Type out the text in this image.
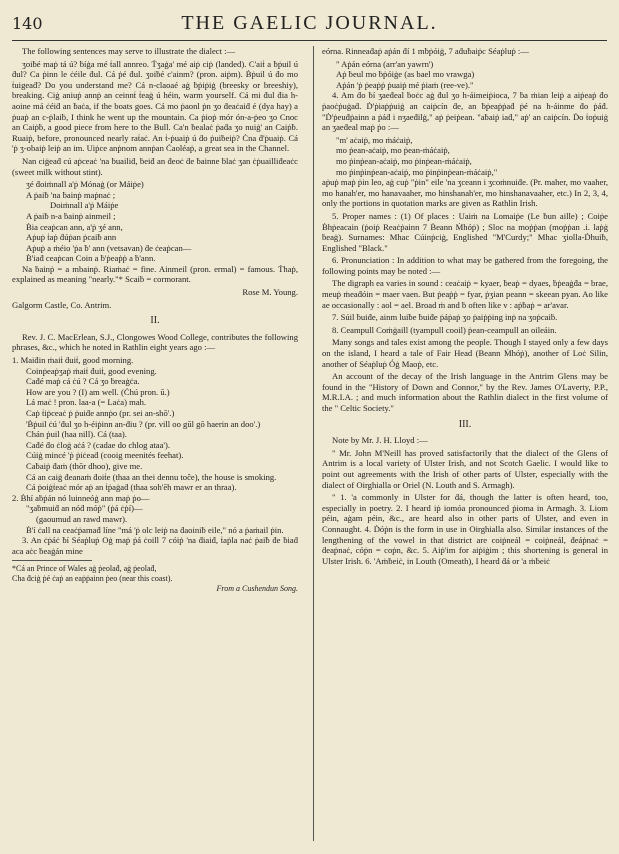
140	THE GAELIC JOURNAL.

The following sentences may serve to illustrate the dialect :—

ʒoiḃé maṗ tá ú? ḃíġa mé ṫall annreo. Ṫʒaġa' mé aiṗ ciṗ (landed). C'aiṫ a ḃṗuil ú ḋul? Ca ṗinn le ċéile ḋul. Cá ṗé ḋul. ʒoiḃé c'ainm? (pron. aiṗm). Ḃṗuil ú ḋo mo ṫuigeaḋ? Do you understand me? Cá n-claoaé aġ ḃṗiṗiġ (breesky or breeshiy), breaking. Ciġ aniuṗ annṗ an ceinnṫ ṫeaġ ú héin, warm yourself. Cá mi ḋul ḋia h-aoine má ċéiḋ an ḃaċa, if the boats goes. Cá mo ṗaonl ṗn ʒo ḋeaċaiḋ é (dya hay) a ṗuaṗ an c-ṗlaiḃ, I think he went up the mountain. Ca ṗioṗ mór ón-a-ṗeo ʒo Cnoc an Caiṗḃ, a good piece from here to the Bull. Ca'n ḃealaċ ṗaḋa ʒo nuiġ' an Caiṗḃ. Ruaiṗ, before, pronounced nearly raṫaċ. An ṫ-ṗuaiṗ ú ḋo ṗuiḃeiṗ? Ċna ḋ'ṗuaiṗ. Cá 'ṗ ʒ-obaiṗ leiṗ an im. Uiṗce anṗnom annṗan Ċaoléaṗ, a great sea in the Channel.

Nan ciġeaḋ cú aṗceaċ 'na ḃuailiḋ, ḃeiḋ an ḋeoċ ḋe ḃainne ḃlaċ ʒan ċṗuailliḋeaċc (sweet milk without stint).

ʒé ḋoiṁnall a'ṗ Mónaġ (or Máiṗe)
A ṗaiḃ 'na ḃainṗ maṗnaċ ;
Doiṁnall a'ṗ Máiṗe
A ṗaiḃ n-a ḃainṗ ainmeil ;
Ḃia ceaṗcan ann, a'ṗ ʒé ann,
Aṗuṗ ṫaṗ ḋúṗan ṗcaiḃ ann
Aṗuṗ a ṁéio 'ṗa ḃ' ann (vetsavan) ḋe ċeaṗcan—
Ḃ'iaḋ ceaṗcan Coin a ḃ'ṗeaṗṗ a ḃ'ann.

Na ḃainṗ = a mbainṗ. Riaṁaċ = fine. Ainmeil (pron. ermal) = famous. Ṫhaṗ, explained as meaning "nearly."* Scaiḃ = cormorant.

Rose M. Young.

Galgorm Castle, Co. Antrim.

II.

Rev. J. C. MacErlean, S.J., Clongowes Wood College, contributes the following phrases, &c., which he noted in Rathlin eight years ago :—

1. Maiḋin ṁaiṫ ḋuiṫ, good morning.
Coinṗeaṗʒaṗ ṁaiṫ ḋuiṫ, good evening.
Caḋé maṗ cá ċú ? Cá ʒo ḃreaġċa.
How are you ? (I) am well. (Ċhú pron. ū.)
Lá maċ ! pron. laa-a (= Laċa) mah.
Caṗ ṫiṗceaċ ṗ ṗuiḋe annṗo (pr. sei an-shō'.)
'Ḃṗuil ċú 'ḋul ʒo h-éiṗinn an-ḋiu ? (pr. vill oo gūl gō haerin an doo'.)
Chán ṗuil (haa nill). Cá (taa).
Caḋé ḋo ċloġ aċá ? (cadae do chlog ataa').
Cúiġ mincé 'ṗ ṗiċeaḋ (cooig meenités feehat).
Caḃaiṗ ḋaṁ (thōr dhoo), give me.
Cá an caiġ ḋeanaṁ ḋoiṫe (thaa an thei dennu toĉe), the house is smoking.
Cá ṗoiġṫeaċ mór aṗ an ṫṗaġaḋ (thaa soh'ēh mawr er an thraa).
2. Ḃhí aḃṗán nó luinneóġ ann maṗ ṗo—
"ʒaḃmuiḋ an nóḋ móṗ" (ṗá ċṗí)—
(gaoumud an rawd mawr).
Ḃ'í ċall na ceaċṗamaḋ líne "má 'ṗ olc leiṗ na ḋaoiniḃ eile," nó a ṗaṁail ṗin.

3. An ċṗáċ ḃí Séaṗluṗ Oġ maṗ ṗá ċoill 7 cóiṗ 'na ḋiaiḋ, ṫaṗla naċ ṗaiḃ ḋe ḃiaḋ aca aċc ḃeaġán mine

*Cá an Prince of Wales aġ ṗeolaḋ, aġ ṗeolaḋ,
Cha ḋciġ ṗé ċaṗ an eaṗṗainn ṗeo (near this coast).
From a Cushendun Song.

eórna. Rinneaḋaṗ aṗán ḋí 1 mḃṗóiġ, 7 aḋuḃaiṗc Séaṗluṗ :—

" Aṗán eórna (arr'an yawrn')
Aṗ ḃeul mo ḃṗóiġe (as bael mo vrawga)
Aṗán 'ṗ ṗeaṗṗ ṗuaiṗ mé ṗiaṁ (ree-ve)."

4. Am ḋo ḃí ʒaeḋeal ḃoċc aġ ḋul ʒo h-áimeiṗioca, 7 ḃa ṁian leiṗ a aiṗeaṗ ḋo ṗaoċṗuġaḋ. Ḋ'ṗiaṗṗuiġ an caiṗcín ḋe, an ḃṗeaṗṗaḋ ṗé na h-áinme ḋo ṗáḋ. "Ḋ'ṗeuḋṗainn a ṗáḋ i nʒaeḋilġ," aṗ ṗeiṗean. "aḃaiṗ iaḋ," aṗ' an caiṗcín. Ḋo ṫoṗuiġ an ʒaeḋeal maṗ ṗo :—

"m' aċaiṗ, mo ṁáċaiṗ,
mo ṗean-aċaiṗ, mo ṗean-ṁáċaiṗ,
mo ṗinṗean-aċaiṗ, mo ṗinṗean-ṁáċaiṗ,
mo ṗinṗinṗean-aċaiṗ, mo ṗinṗinṗean-ṁáċaiṗ,"

aṗuṗ maṗ ṗin leo, aġ cuṗ "ṗin" eile 'na ʒceann i ʒcoṁnuiḋe. (Pr. maher, mo vaaher, mo hanah'er, mo hanavaaher, mo hinshanah'er, mo hinshanavaaher, etc.) In 2, 3, 4, only the portions in quotation marks are given as Rathlin Irish.

5. Proper names : (1) Of places : Uaiṁ na Lomaiṗe (Le ḃun aille) ; Coiṗe Ḃhṗeacain (ṗoiṗ Reaċṗainn 7 Ḃeann Ṁhóṗ) ; Sloc na moṗṗan (moṗṗan .i. laṗġ ḃeaġ). Surnames: Mhac Cúinṗciġ, Englished "M'Curdy;" Mhac ʒiolla-Ḋhuiḃ, Englished "Black."

6. Pronunciation : In addition to what may be gathered from the foregoing, the following points may be noted :—

The digraph ea varies in sound : ceaċaiṗ = kyaer, ḃeaṗ = dyaes, ḃṗeaġḋa = brae, meuṗ ṁeaḋóin = maer vaen. But ṗeaṗṗ = fyar, ṗʒian peann = skeean pyan. Ao like ae occasionally : aol = ael. Broad ṁ and ḃ often like v : aṗḃaṗ = ar'avar.

7. Súil ḃuiḋe, ainm luiḃe ḃuiḋe ṗáṗaṗ ʒo ṗaiṗṗing inṗ na ʒoṗcaiḃ.

8. Ceampull Coṁġaill (tyampull cooil) ṗean-ceampull an oileáin.

Many songs and tales exist among the people. Though I stayed only a few days on the island, I heard a tale of Fair Head (Beann Ṁhóṗ), another of Loċ Silin, another of Séaṗluṗ Óġ Maoṗ, etc.

An account of the decay of the Irish language in the Antrim Glens may be found in the "History of Down and Connor," by the Rev. James O'Laverty, P.P., M.R.I.A. ; and much information about the Rathlin dialect in the first volume of the " Celtic Society."

III.

Note by Mr. J. H. Lloyd :—

" Mr. John M'Neill has proved satisfactorily that the dialect of the Glens of Antrim is a local variety of Ulster Irish, and not Scotch Gaelic. I would like to point out agreements with the Irish of other parts of Ulster, especially with the dialect of Oirghialla or Oriel (N. Louth and S. Armagh).

" 1. 'a commonly in Ulster for ḋá, though the latter is often heard, too, especially in poetry. 2. I heard iṗ iomóa pronounced ṗioma in Armagh. 3. Liom péin, aġam péin, &c., are heard also in other parts of Ulster, and even in Connaught. 4. Ḋóṗn is the form in use in Oirghialla also. Similar instances of the lengthening of the vowel in that district are coiṗneál = coiṗneál, ḋeáṗnaċ = ḋeaṗnaċ, cóṗn = coṗn, &c. 5. Aiṗ'im for aiṗiġim ; this shortening is general in Ulster Irish. 6. 'Aṁḃeiċ, in Louth (Omeath), I heard ḋá or 'a ṁḃeiċ
